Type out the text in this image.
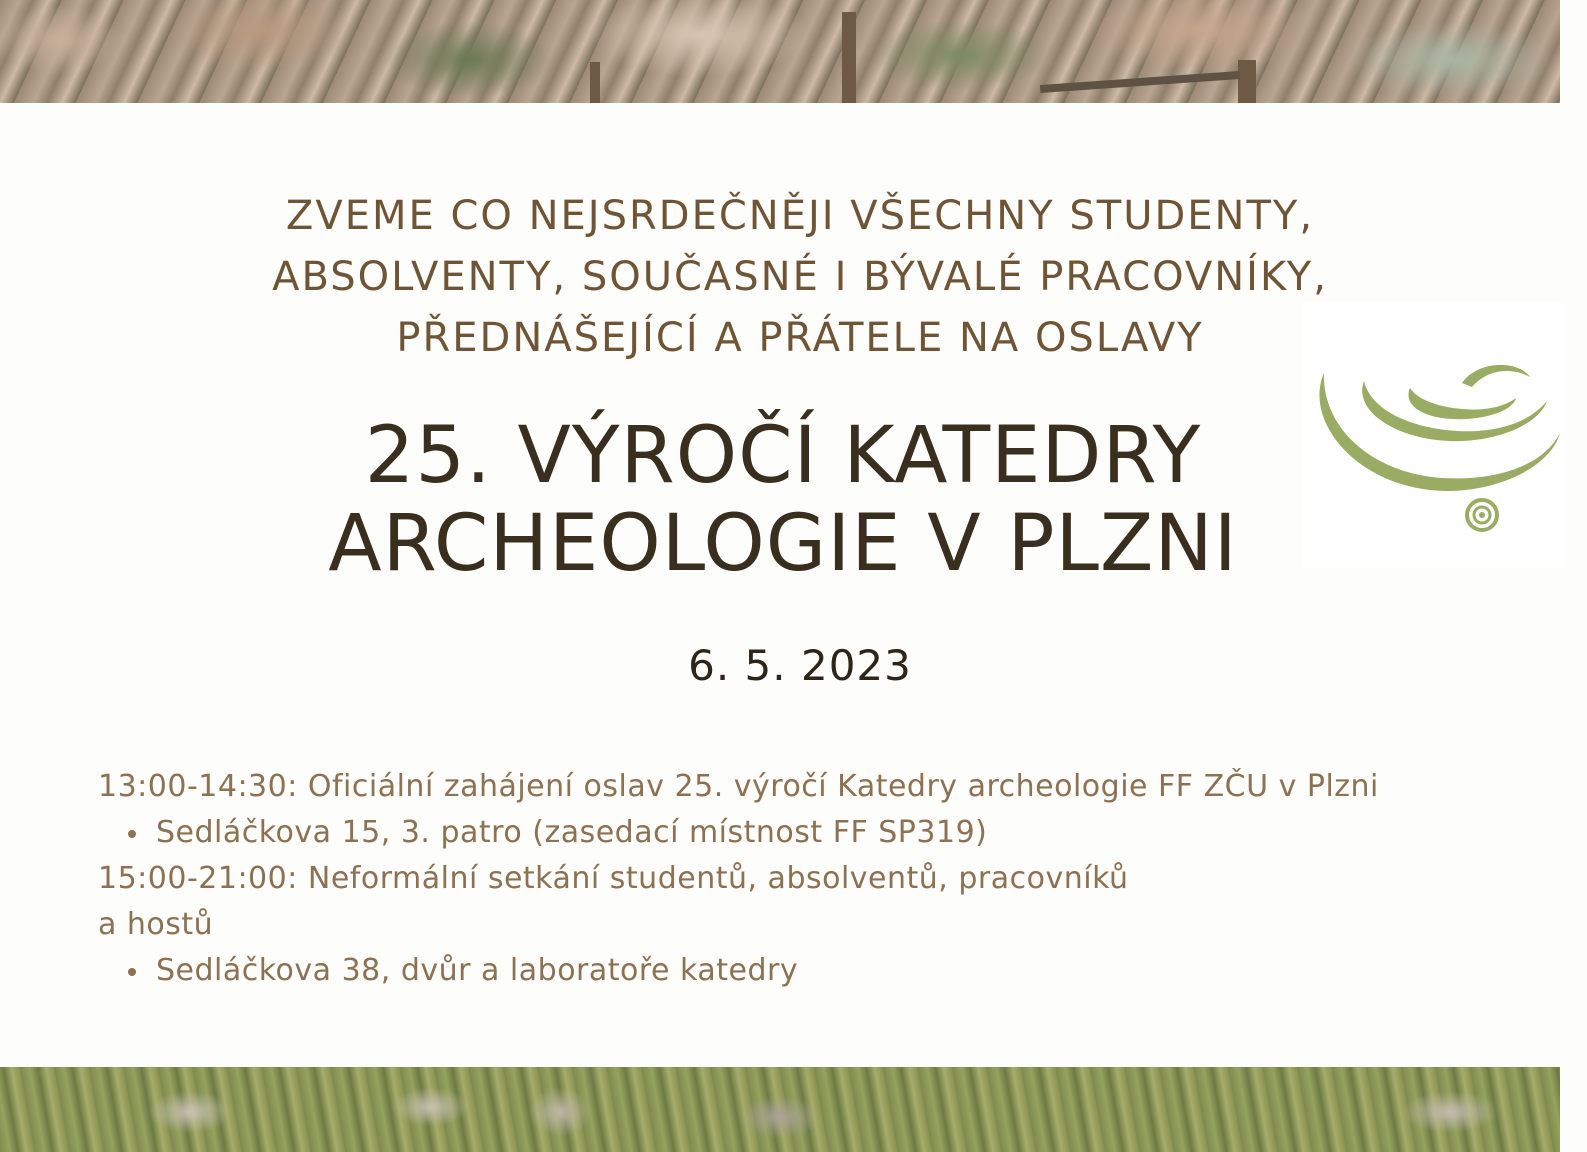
ZVEME CO NEJSRDEČNĚJI VŠECHNY STUDENTY,
ABSOLVENTY, SOUČASNÉ I BÝVALÉ PRACOVNÍKY,
PŘEDNÁŠEJÍCÍ A PŘÁTELE NA OSLAVY
25. VÝROČÍ KATEDRY
ARCHEOLOGIE V PLZNI
6. 5. 2023
13:00-14:30: Oficiální zahájení oslav 25. výročí Katedry archeologie FF ZČU v Plzni
Sedláčkova 15, 3. patro (zasedací místnost FF SP319)
15:00-21:00: Neformální setkání studentů, absolventů, pracovníků
a hostů
Sedláčkova 38, dvůr a laboratoře katedry
